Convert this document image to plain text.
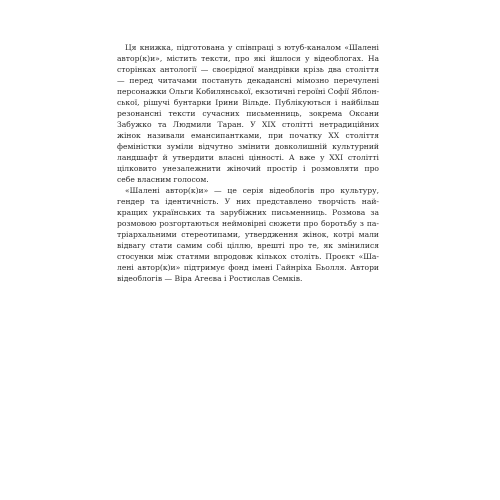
Ця книжка, підготована у співпраці з ютуб-каналом «Шалені
автор(к)и», містить тексти, про які йшлося у відеоблогах. На
сторінках антології — своєрідної мандрівки крізь два століття
— перед читачами постануть декадансні мімозно перечулені
персонажки Ольги Кобилянської, екзотичні героїні Софії Яблон-
ської, рішучі бунтарки Ірини Вільде. Публікуються і найбільш
резонансні тексти сучасних письменниць, зокрема Оксани
Забужко та Людмили Таран. У XIX столітті нетрадиційних
жінок називали емансипантками, при початку XX століття
феміністки зуміли відчутно змінити довколишній культурний
ландшафт й утвердити власні цінності. А вже у XXI столітті
цілковито унезалежнити жіночий простір і розмовляти про
себе власним голосом.
«Шалені автор(к)и» — це серія відеоблогів про культуру,
гендер та ідентичність. У них представлено творчість най-
кращих українських та зарубіжних письменниць. Розмова за
розмовою розгортаються неймовірні сюжети про боротьбу з па-
тріархальними стереотипами, утвердження жінок, котрі мали
відвагу стати самим собі ціллю, врешті про те, як змінилися
стосунки між статями впродовж кількох століть. Проєкт «Ша-
лені автор(к)и» підтримує фонд імені Гайнріха Бьолля. Автори
відеоблогів — Віра Агеєва і Ростислав Семків.
